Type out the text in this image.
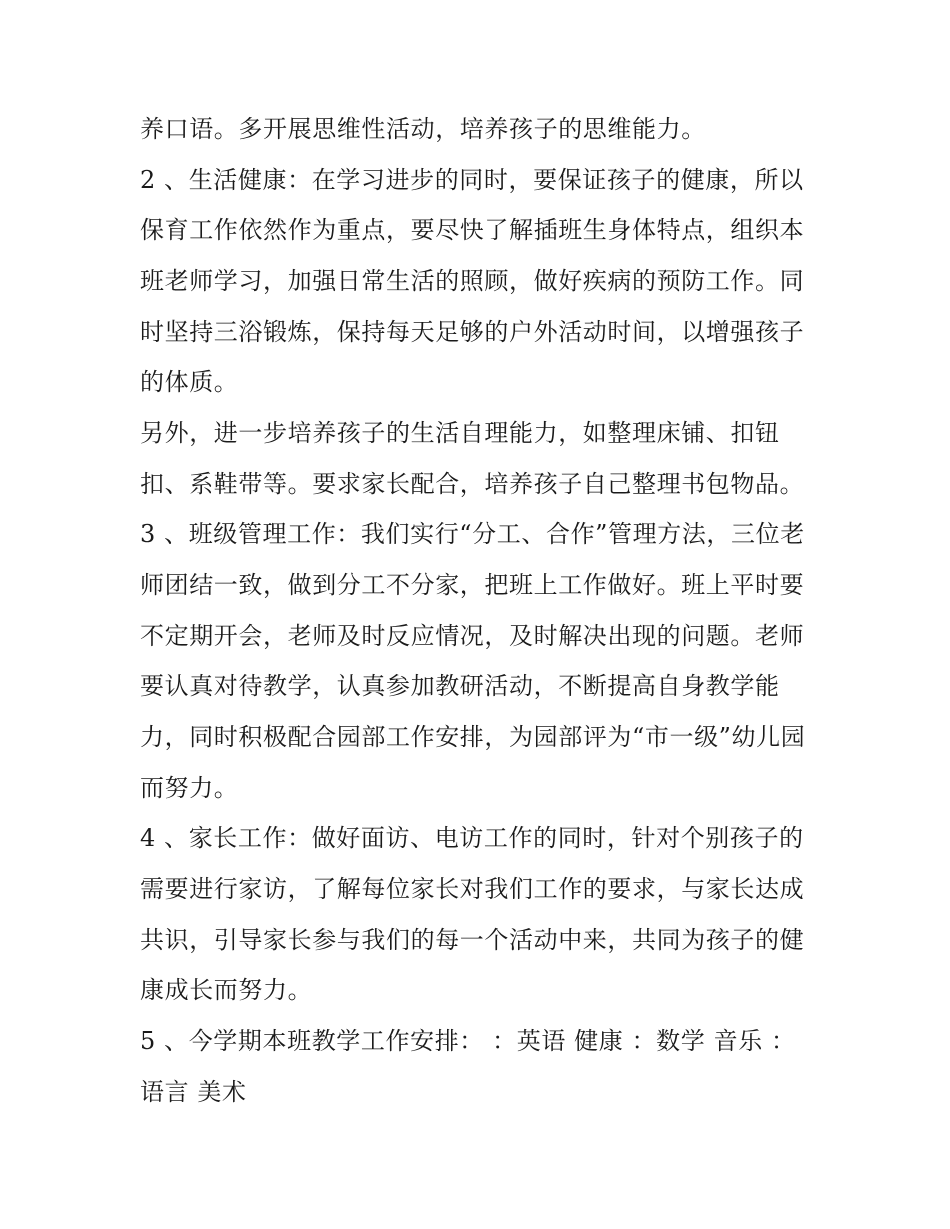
养口语。多开展思维性活动，培养孩子的思维能力。

2 、生活健康：在学习进步的同时，要保证孩子的健康，所以

保育工作依然作为重点，要尽快了解插班生身体特点，组织本

班老师学习，加强日常生活的照顾，做好疾病的预防工作。同

时坚持三浴锻炼，保持每天足够的户外活动时间，以增强孩子

的体质。

另外，进一步培养孩子的生活自理能力，如整理床铺、扣钮

扣、系鞋带等。要求家长配合，培养孩子自己整理书包物品。

3 、班级管理工作：我们实行“分工、合作”管理方法，三位老

师团结一致，做到分工不分家，把班上工作做好。班上平时要

不定期开会，老师及时反应情况，及时解决出现的问题。老师

要认真对待教学，认真参加教研活动，不断提高自身教学能

力，同时积极配合园部工作安排，为园部评为“市一级”幼儿园

而努力。

4 、家长工作：做好面访、电访工作的同时，针对个别孩子的

需要进行家访，了解每位家长对我们工作的要求，与家长达成

共识，引导家长参与我们的每一个活动中来，共同为孩子的健

康成长而努力。

5 、今学期本班教学工作安排： ：英语 健康 ：数学 音乐 ：

语言 美术
